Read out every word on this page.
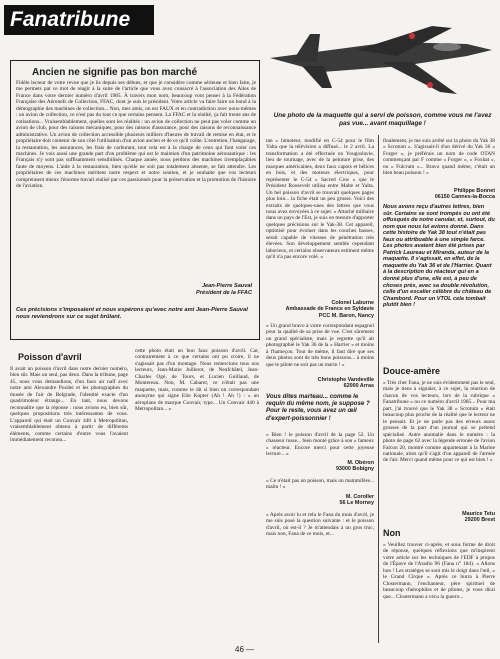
Fanatribune
Une photo de la maquette qui a servi de poisson, comme vous ne l'avez pas vue... avant maquillage !
Ancien ne signifie pas bon marché
Fidèle lecteur de votre revue que je lis depuis ses débuts, et que je considère comme sérieuse et bien faite, je me permets par ce mot de réagir à la suite de l'article que vous avez consacré à l'association des Ailes de France dans votre dernier numéro d'avril 1985. À travers mon nom, beaucoup vont penser à la Fédération Française des Aéronefs de Collection, FFAC, dont je suis le président. Votre article va faire faire un bond à la démographie des machines de collection... Non, mes amis, on est FAUX et en contradiction avec nous-mêmes : un avion de collection, ce n'est pas du tout ce que certains pensent. La FFAC et la réalité, ça fait trente ans de cotisations... Vraisemblablement, quelles sont les réalités : un avion de collection ne peut pas voler comme un avion de club, pour des raisons mécaniques, pour des raisons d'assurance, pour des raisons de reconnaissance administrative. Un avion de collection accessible plusieurs milliers d'heures de travail de remise en état, et le propriétaire doit contenir de son côté l'utilisation d'un avion ancien et de ce qu'il coûte. L'entretien, l'hangarage, la restauration, les assurances, les frais de carburant, tout cela est à la charge de ceux qui font voler ces machines. Je vois aussi une grande part d'un problème qui est le maintien d'un patrimoine aéronautique : les Français n'y sont pas suffisamment sensibilisés. Chaque année, nous perdons des machines irremplaçables faute de moyens. L'aide à la restauration, bien qu'elle ne soit pas totalement absente, se fait attendre. Les propriétaires de ces machines méritent notre respect et notre soutien, et je souhaite que vos lecteurs comprennent mieux l'énorme travail réalisé par ces passionnés pour la préservation et la promotion de l'histoire de l'aviation.
Jean-Pierre Sauval
Président de la FFAC
Ces précisions s'imposaient et nous espérons qu'avec notre ami Jean-Pierre Sauval nous reviendrons sur ce sujet brûlant.
Poisson d'avril
Il avait un poisson d'avril dans notre dernier numéro, bien sûr. Mais un seul, pas deux. Dans la tribune, page 45, nous vous demandions, d'un faux air naïf avec notre ami Alexandre Pozdei et les photographes du musée de l'air de Belgrade, l'identité exacte d'un quadrimoteur étrange... En tant, nous devons reconnaître que la réponse : nous avions eu, bien sûr, quelques propositions très intéressantes de vous. L'appareil qui était un Convair 440 à Metropolitan, vraisemblablement obtenu à partir de différents éléments, comme certains d'entre vous l'avaient immédiatement reconnu...
cette photo était un bon faux poisson d'avril. Car, contrairement à ce que certains ont pu croire, il ne s'agissait pas d'un montage. Nous remercions tous nos lecteurs, Jean-Marie Juillerot, de Neufchâtel, Jean-Charles Ogé, de Tours, et Lucien Guillaud, de Montereau. Non, M. Cabaret, ce n'était pas une maquette, mais, comme le dit si bien un correspondant anonyme qui signe Elie Kopter (Ah ! Ah !) : « un aéroplane de marque Convair, type... Un Convair 440 à Metropolitan... »
tan » bimoteur, modifié en C-54 pour le film Yalta que la télévision a diffusé... le 2 avril. La transformation a été effectuée en Yougoslavie, lieu de tournage, avec de la peinture grise, des marques américaines, deux faux capots et hélices en bois, et des moteurs électriques, pour représenter le C-54 « Sacred Cow » que le Président Roosevelt utilisa entre Malte et Yalta. Un bel poisson d'avril se trouvait quelques pages plus loin... la fiche était un peu grosse. Voici des extraits de quelques-unes des lettres que vous nous avez envoyées à ce sujet. « Attaché militaire dans un pays de l'Est, je suis en mesure d'apporter quelques précisions sur le Yak-38. Cet appareil, optimisé pour évoluer dans les couches basses, serait capable de vitesses de pénétration très élevées. Son développement semble cependant laborieux, et certains observateurs estiment même qu'il n'a pas encore volé. »
Colonel Laburne
Ambassade de France en Syldavie
PCC M. Baron, Nancy
« Un grand bravo à votre correspondant espagnol pour la qualité de sa prise de vue. C'est sûrement un grand spécialiste, mais je regrette qu'il ait photographié le Yak 36 de la « Harrier » et moins à l'hameçon. Tout de même, il faut dire que ses deux photos sont de très bons poissons... à moins que le pilote ne soit pas un marin ! »
Christophe Vandeville
62000 Arras
Vous dites marteau... comme le requin du même nom, je suppose ? Pour le reste, vous avez un œil d'expert-poissonnier !
« Bien ! le poisson d'avril de la page 52. Un chasseur russe... bien monté grâce à son « fameux » réacteur. Encore merci pour cette joyeuse lecture... »
M. Obéron
93000 Bobigny
« Ce n'était pas un poisson, mais un mammifère... malin ! »
M. Coroller
56 Le Morney
« Après avoir lu et relu le Fana du mois d'avril, je me suis posé la question suivante : et le poisson d'avril, où est-il ? Je m'attendais à un gros truc, mais non, Fana de ce mois, et...
finalement, je me suis arrêté sur la photo du Yak 38 « Scrotum ». S'agissait-il d'un dérivé du Yak 36 « Forger », je préférais un nom de code OTAN commençant par F comme « Forger », « Foxbat », ou « Fulcrum »... Bravo quand même, c'était un bien beau poisson ! »
Philippe Bonnet
06150 Cannes-la-Bocca
Nous avons reçu d'autres lettres, bien sûr. Certains se sont trompés ou ont été offusqués de notre canular, et, surtout, du nom que nous lui avions donné. Dans cette histoire de Yak 38 tout n'était pas faux ou attribuable à une simple farce. Les photos avaient bien été prises par Patrick Laureau et Miranda, auteur de la maquette. Il s'agissait, en effet, de la maquette du Yak 36 et de l'Harrier. Quant à la description du réacteur qui en a donné plus d'une, elle est, à peu de choses près, avec sa double révolution, celle d'un escalier célèbre du château de Chambord. Pour un VTOL cela tombait plutôt bien !
Douce-amère
« Très cher Fana, je ne suis évidemment pas le seul, mais je tiens à signaler, à ce sujet, la réaction de chacun de vos lecteurs, lors de la rubrique « Fanatribune » ou ce numéro d'avril 1985... Pour ma part, j'ai trouvé que le Yak 38 « Scrotum » était beaucoup plus proche de la réalité que le lecteur ne le pensait. Et je ne parle pas des erreurs assez grosses de la part d'un journal qui se prétend spécialisé. Autre anomalie dans le numéro : la photo de page 62 avec la légende erronée de l'avion Falcon 20, montré comme appartenant à la Marine nationale, alors qu'il s'agit d'un appareil de l'armée de l'air. Merci quand même pour ce qui est bien ! »
Maurice Tetu
29200 Brest
Non
« Veuillez trouver ci-après, et sous forme de droit de réponse, quelques réflexions que m'inspirent votre article sur les techniques de l'EDF à propos de l'Épave de l'Aradio 96 (Fana n° 184). « Allons bon ! Les stratèges se sont mis le doigt dans l'œil, « le Grand Cirque ». Après ce hurra à Pierre Clostermann, l'enchanteur, père spirituel de beaucoup d'aérophiles et de pilotes, je vous dirai que... Clostermann a vécu la guerre...
46 —
